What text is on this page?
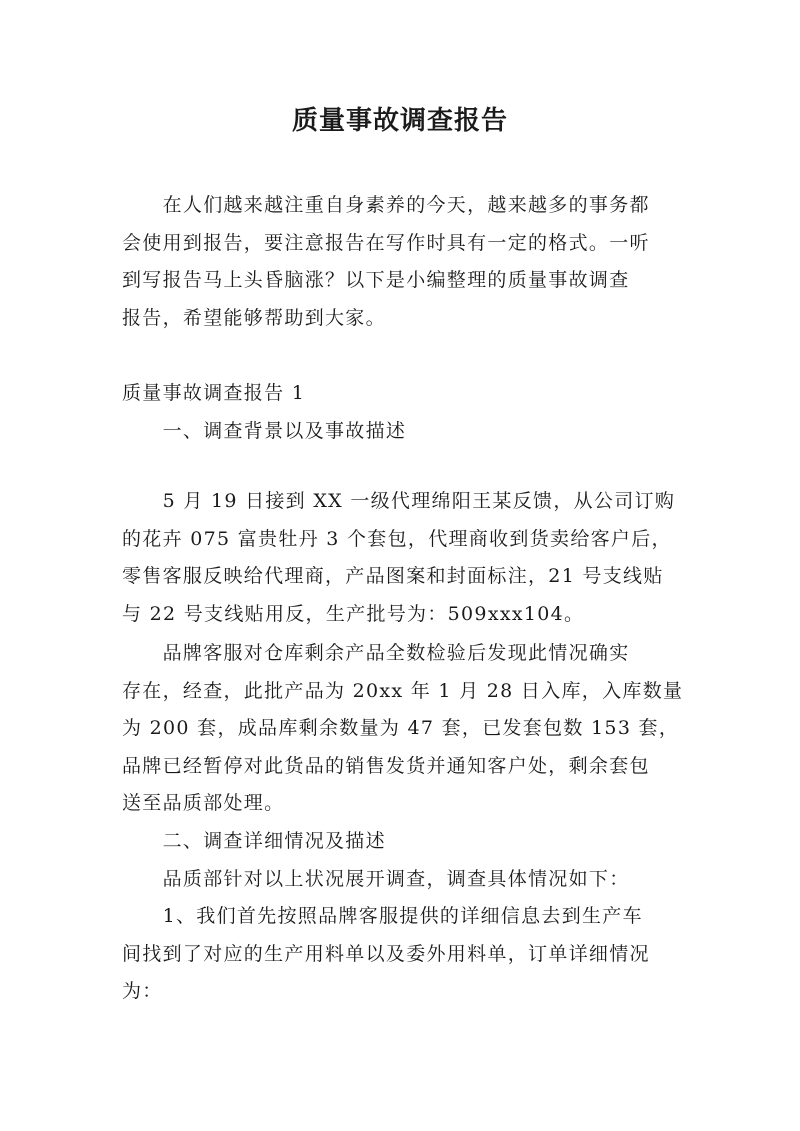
质量事故调查报告
　　在人们越来越注重自身素养的今天，越来越多的事务都
会使用到报告，要注意报告在写作时具有一定的格式。一听
到写报告马上头昏脑涨？以下是小编整理的质量事故调查
报告，希望能够帮助到大家。
质量事故调查报告 1
　　一、调查背景以及事故描述
　　5 月 19 日接到 XX 一级代理绵阳王某反馈，从公司订购
的花卉 075 富贵牡丹 3 个套包，代理商收到货卖给客户后，
零售客服反映给代理商，产品图案和封面标注，21 号支线贴
与 22 号支线贴用反，生产批号为：509xxx104。
　　品牌客服对仓库剩余产品全数检验后发现此情况确实
存在，经查，此批产品为 20xx 年 1 月 28 日入库，入库数量
为 200 套，成品库剩余数量为 47 套，已发套包数 153 套，
品牌已经暂停对此货品的销售发货并通知客户处，剩余套包
送至品质部处理。
　　二、调查详细情况及描述
　　品质部针对以上状况展开调查，调查具体情况如下：
　　1、我们首先按照品牌客服提供的详细信息去到生产车
间找到了对应的生产用料单以及委外用料单，订单详细情况
为：
